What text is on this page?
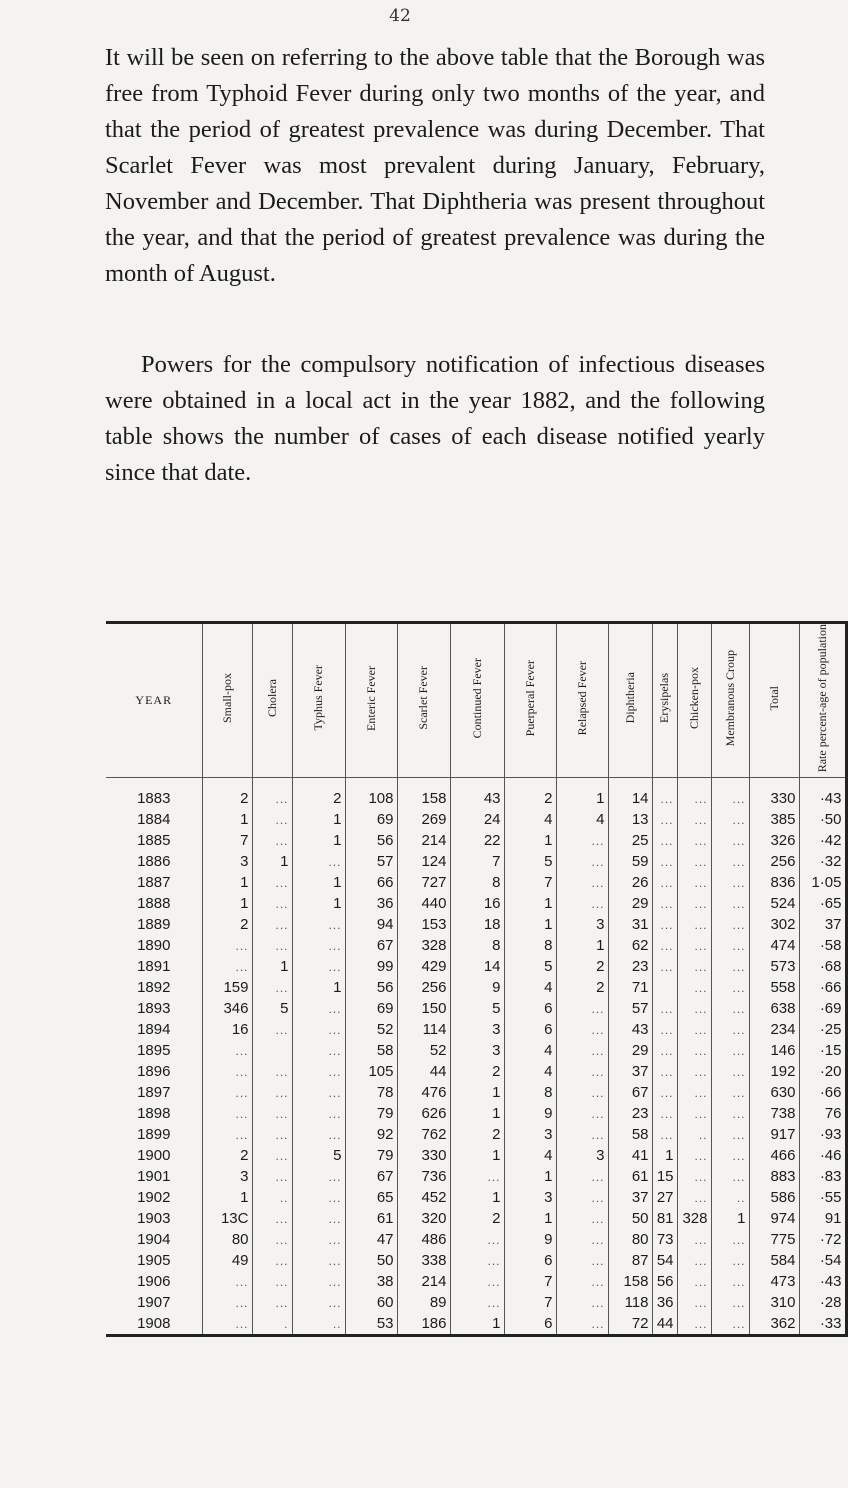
42

It will be seen on referring to the above table that the Borough was free from Typhoid Fever during only two months of the year, and that the period of greatest prevalence was during December. That Scarlet Fever was most prevalent during January, February, November and December. That Diphtheria was present throughout the year, and that the period of greatest prevalence was during the month of August.

Powers for the compulsory notification of infectious diseases were obtained in a local act in the year 1882, and the following table shows the number of cases of each disease notified yearly since that date.

YEAR	Small-pox	Cholera	Typhus Fever	Enteric Fever	Scarlet Fever	Continued Fever	Puerperal Fever	Relapsed Fever	Diphtheria	Erysipelas	Chicken-pox	Membranous Croup	Total	Rate percent-age of population
1883	2	...	2	108	158	43	2	1	14	...	...	...	330	·43
1884	1	...	1	69	269	24	4	4	13	...	...	...	385	·50
1885	7	...	1	56	214	22	1	...	25	...	...	...	326	·42
1886	3	1	...	57	124	7	5	...	59	...	...	...	256	·32
1887	1	...	1	66	727	8	7	...	26	...	...	...	836	1·05
1888	1	...	1	36	440	16	1	...	29	...	...	...	524	·65
1889	2	...	...	94	153	18	1	3	31	...	...	...	302	37
1890	...	...	...	67	328	8	8	1	62	...	...	...	474	·58
1891	...	1	...	99	429	14	5	2	23	...	...	...	573	·68
1892	159	...	1	56	256	9	4	2	71		...	...	558	·66
1893	346	5	...	69	150	5	6	...	57	...	...	...	638	·69
1894	16	...	...	52	114	3	6	...	43	...	...	...	234	·25
1895	...		...	58	52	3	4	...	29	...	...	...	146	·15
1896	...	...	...	105	44	2	4	...	37	...	...	...	192	·20
1897	...	...	...	78	476	1	8	...	67	...	...	...	630	·66
1898	...	...	...	79	626	1	9	...	23	...	...	...	738	76
1899	...	...	...	92	762	2	3	...	58	...	..	...	917	·93
1900	2	...	5	79	330	1	4	3	41	1	...	...	466	·46
1901	3	...	...	67	736	...	1	...	61	15	...	...	883	·83
1902	1	..	...	65	452	1	3	...	37	27	...	..	586	·55
1903	13C	...	...	61	320	2	1	...	50	81	328	1	974	91
1904	80	...	...	47	486	...	9	...	80	73	...	...	775	·72
1905	49	...	...	50	338	...	6	...	87	54	...	...	584	·54
1906	...	...	...	38	214	...	7	...	158	56	...	...	473	·43
1907	...	...	...	60	89	...	7	...	118	36	...	...	310	·28
1908	...	.	..	53	186	1	6	...	72	44	...	...	362	·33
